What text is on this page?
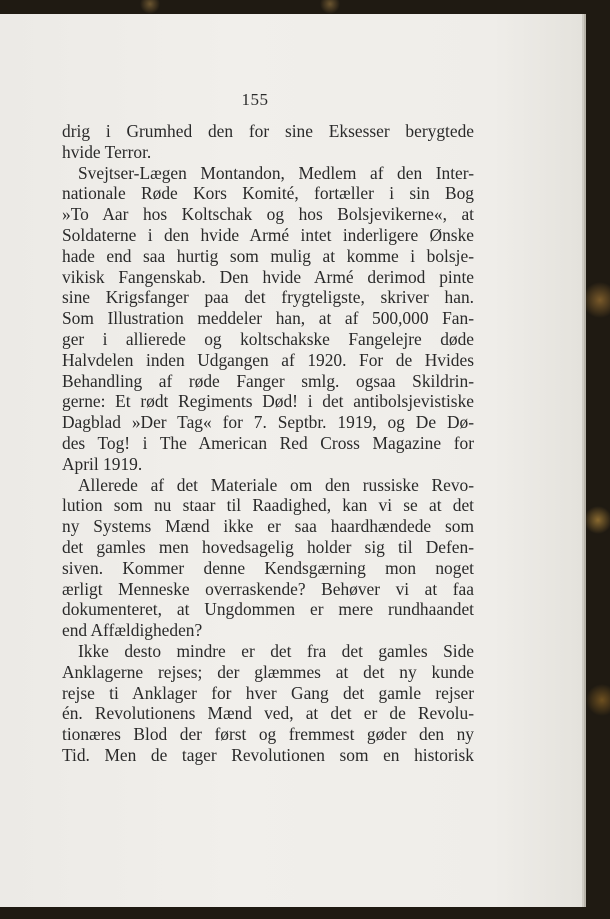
155
drig i Grumhed den for sine Eksesser berygtede
hvide Terror.
Svejtser-Lægen Montandon, Medlem af den Inter-
nationale Røde Kors Komité, fortæller i sin Bog
»To Aar hos Koltschak og hos Bolsjevikerne«, at
Soldaterne i den hvide Armé intet inderligere Ønske
hade end saa hurtig som mulig at komme i bolsje-
vikisk Fangenskab. Den hvide Armé derimod pinte
sine Krigsfanger paa det frygteligste, skriver han.
Som Illustration meddeler han, at af 500,000 Fan-
ger i allierede og koltschakske Fangelejre døde
Halvdelen inden Udgangen af 1920. For de Hvides
Behandling af røde Fanger smlg. ogsaa Skildrin-
gerne: Et rødt Regiments Død! i det antibolsjevistiske
Dagblad »Der Tag« for 7. Septbr. 1919, og De Dø-
des Tog! i The American Red Cross Magazine for
April 1919.
Allerede af det Materiale om den russiske Revo-
lution som nu staar til Raadighed, kan vi se at det
ny Systems Mænd ikke er saa haardhændede som
det gamles men hovedsagelig holder sig til Defen-
siven. Kommer denne Kendsgærning mon noget
ærligt Menneske overraskende? Behøver vi at faa
dokumenteret, at Ungdommen er mere rundhaandet
end Affældigheden?
Ikke desto mindre er det fra det gamles Side
Anklagerne rejses; der glæmmes at det ny kunde
rejse ti Anklager for hver Gang det gamle rejser
én. Revolutionens Mænd ved, at det er de Revolu-
tionæres Blod der først og fremmest gøder den ny
Tid. Men de tager Revolutionen som en historisk
